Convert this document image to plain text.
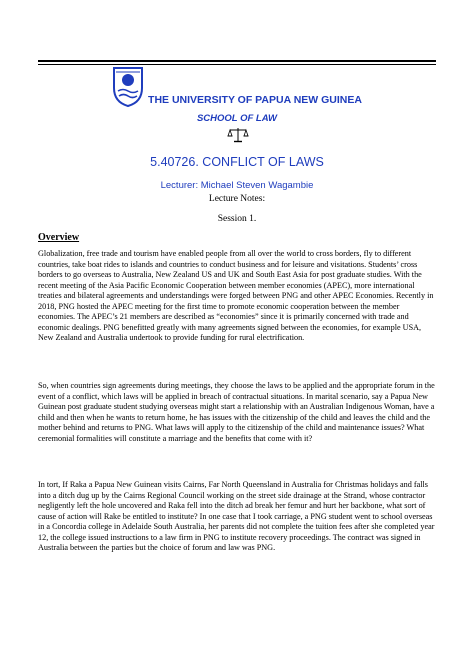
THE UNIVERSITY OF PAPUA NEW GUINEA
SCHOOL OF LAW
5.40726. CONFLICT OF LAWS
Lecturer: Michael Steven Wagambie
Lecture Notes:
Session 1.
Overview

Globalization, free trade and tourism have enabled people from all over the world to cross borders, fly to different countries, take boat rides to islands and countries to conduct business and for leisure and visitations. Students’ cross borders to go overseas to Australia, New Zealand US and UK and South East Asia for post graduate studies. With the recent meeting of the Asia Pacific Economic Cooperation between member economies (APEC), more international treaties and bilateral agreements and understandings were forged between PNG and other APEC Economies. Recently in 2018, PNG hosted the APEC meeting for the first time to promote economic cooperation between the member economies. The APEC’s 21 members are described as “economies” since it is primarily concerned with trade and economic dealings. PNG benefitted greatly with many agreements signed between the economies, for example USA, New Zealand and Australia undertook to provide funding for rural electrification.

So, when countries sign agreements during meetings, they choose the laws to be applied and the appropriate forum in the event of a conflict, which laws will be applied in breach of contractual situations. In marital scenario, say a Papua New Guinean post graduate student studying overseas might start a relationship with an Australian Indigenous Woman, have a child and then when he wants to return home, he has issues with the citizenship of the child and leaves the child and the mother behind and returns to PNG. What laws will apply to the citizenship of the child and maintenance issues? What ceremonial formalities will constitute a marriage and the benefits that come with it?

In tort, If Raka a Papua New Guinean visits Cairns, Far North Queensland in Australia for Christmas holidays and falls into a ditch dug up by the Cairns Regional Council working on the street side drainage at the Strand, whose contractor negligently left the hole uncovered and Raka fell into the ditch ad break her femur and hurt her backbone, what sort of cause of action will Rake be entitled to institute? In one case that I took carriage, a PNG student went to school overseas in a Concordia college in Adelaide South Australia, her parents did not complete the tuition fees after she completed year 12, the college issued instructions to a law firm in PNG to institute recovery proceedings. The contract was signed in Australia between the parties but the choice of forum and law was PNG.
